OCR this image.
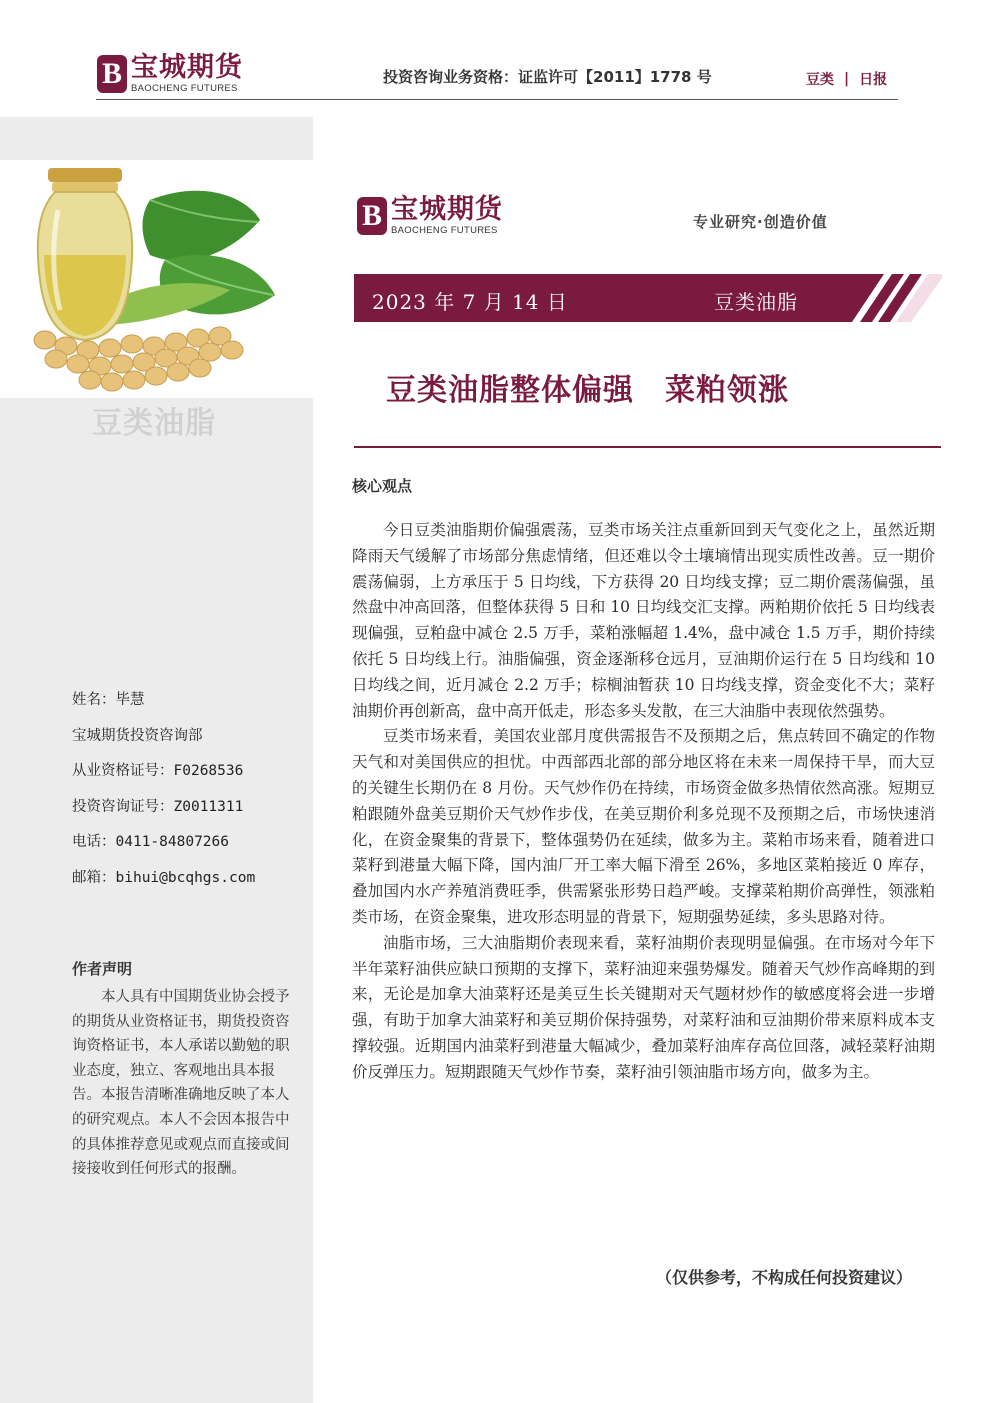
B 宝城期货
BAOCHENG FUTURES
投资咨询业务资格：证监许可【2011】1778 号	豆类 | 日报
豆类油脂
姓名：毕慧
宝城期货投资咨询部
从业资格证号：F0268536
投资咨询证号：Z0011311
电话：0411-84807266
邮箱：bihui@bcqhgs.com
作者声明
本人具有中国期货业协会授予的期货从业资格证书，期货投资咨询资格证书，本人承诺以勤勉的职业态度，独立、客观地出具本报告。本报告清晰准确地反映了本人的研究观点。本人不会因本报告中的具体推荐意见或观点而直接或间接接收到任何形式的报酬。
B 宝城期货
BAOCHENG FUTURES	专业研究·创造价值
2023 年 7 月 14 日	豆类油脂
豆类油脂整体偏强　菜粕领涨
核心观点

今日豆类油脂期价偏强震荡，豆类市场关注点重新回到天气变化之上，虽然近期降雨天气缓解了市场部分焦虑情绪，但还难以令土壤墒情出现实质性改善。豆一期价震荡偏弱，上方承压于 5 日均线，下方获得 20 日均线支撑；豆二期价震荡偏强，虽然盘中冲高回落，但整体获得 5 日和 10 日均线交汇支撑。两粕期价依托 5 日均线表现偏强，豆粕盘中减仓 2.5 万手，菜粕涨幅超 1.4%，盘中减仓 1.5 万手，期价持续依托 5 日均线上行。油脂偏强，资金逐渐移仓远月，豆油期价运行在 5 日均线和 10 日均线之间，近月减仓 2.2 万手；棕榈油暂获 10 日均线支撑，资金变化不大；菜籽油期价再创新高，盘中高开低走，形态多头发散，在三大油脂中表现依然强势。

豆类市场来看，美国农业部月度供需报告不及预期之后，焦点转回不确定的作物天气和对美国供应的担忧。中西部西北部的部分地区将在未来一周保持干旱，而大豆的关键生长期仍在 8 月份。天气炒作仍在持续，市场资金做多热情依然高涨。短期豆粕跟随外盘美豆期价天气炒作步伐，在美豆期价利多兑现不及预期之后，市场快速消化，在资金聚集的背景下，整体强势仍在延续，做多为主。菜粕市场来看，随着进口菜籽到港量大幅下降，国内油厂开工率大幅下滑至 26%，多地区菜粕接近 0 库存，叠加国内水产养殖消费旺季，供需紧张形势日趋严峻。支撑菜粕期价高弹性，领涨粕类市场，在资金聚集，进攻形态明显的背景下，短期强势延续，多头思路对待。

油脂市场，三大油脂期价表现来看，菜籽油期价表现明显偏强。在市场对今年下半年菜籽油供应缺口预期的支撑下，菜籽油迎来强势爆发。随着天气炒作高峰期的到来，无论是加拿大油菜籽还是美豆生长关键期对天气题材炒作的敏感度将会进一步增强，有助于加拿大油菜籽和美豆期价保持强势，对菜籽油和豆油期价带来原料成本支撑较强。近期国内油菜籽到港量大幅减少，叠加菜籽油库存高位回落，减轻菜籽油期价反弹压力。短期跟随天气炒作节奏，菜籽油引领油脂市场方向，做多为主。

（仅供参考，不构成任何投资建议）
